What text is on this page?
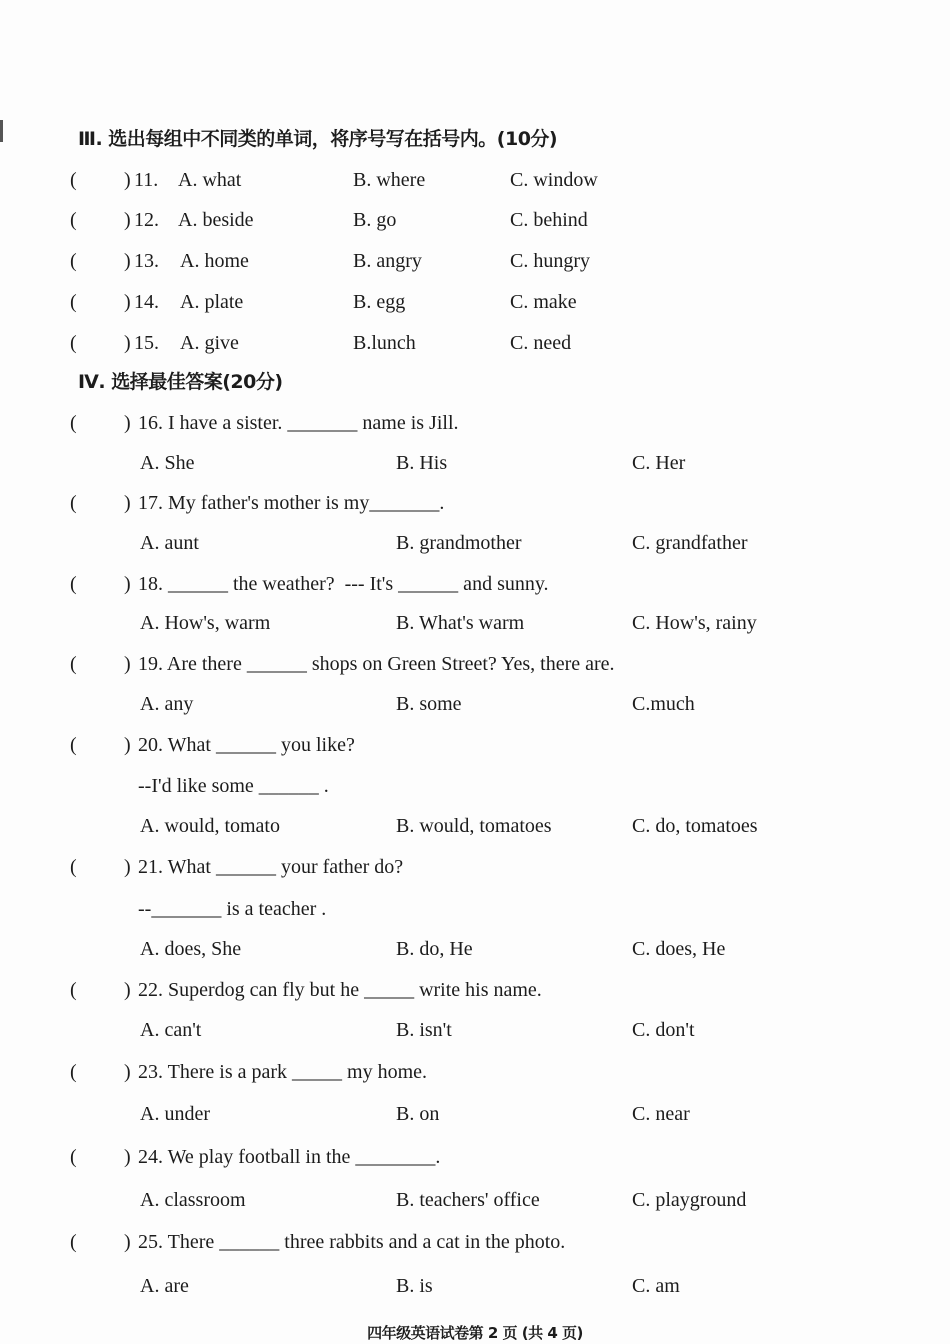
Ⅲ. 选出每组中不同类的单词，将序号写在括号内。(10分)
Ⅳ. 选择最佳答案(20分)
四年级英语试卷第 2 页 (共 4 页)
( ) 11. A. what	B. where	C. window
( ) 12. A. beside	B. go	C. behind
( ) 13. A. home	B. angry	C. hungry
( ) 14. A. plate	B. egg	C. make
( ) 15. A. give	B.lunch	C. need
( ) 16. I have a sister. _______ name is Jill.
A. She	B. His	C. Her
( ) 17. My father's mother is my_______.
A. aunt	B. grandmother	C. grandfather
( ) 18. ______ the weather?  --- It's ______ and sunny.
A. How's, warm	B. What's warm	C. How's, rainy
( ) 19. Are there ______ shops on Green Street? Yes, there are.
A. any	B. some	C.much
( ) 20. What ______ you like?
--I'd like some ______ .
A. would, tomato	B. would, tomatoes	C. do, tomatoes
( ) 21. What ______ your father do?
--_______ is a teacher .
A. does, She	B. do, He	C. does, He
( ) 22. Superdog can fly but he _____ write his name.
A. can't	B. isn't	C. don't
( ) 23. There is a park _____ my home.
A. under	B. on	C. near
( ) 24. We play football in the ________.
A. classroom	B. teachers' office	C. playground
( ) 25. There ______ three rabbits and a cat in the photo.
A. are	B. is	C. am
